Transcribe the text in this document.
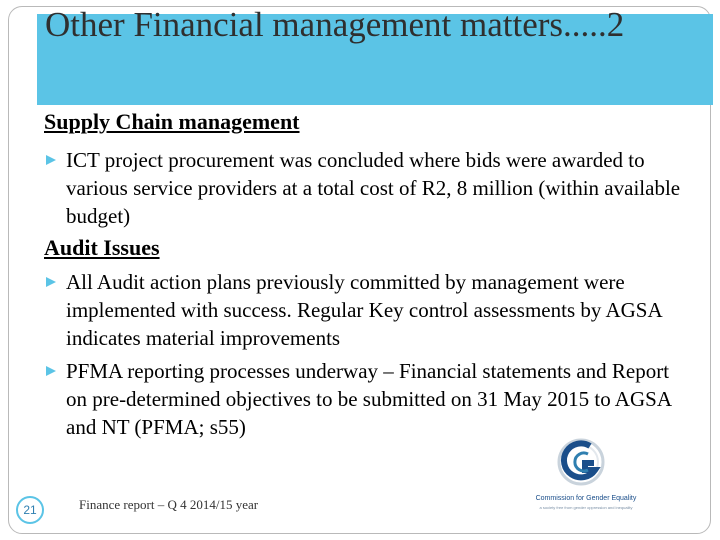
Other Financial management matters.....2
Supply Chain management
ICT project procurement was concluded where bids were awarded to various service providers at a total cost of R2, 8 million (within available budget)
Audit Issues
All Audit action plans previously committed by management were implemented with success. Regular Key control assessments by AGSA indicates material improvements
PFMA reporting processes underway – Financial statements and Report on pre-determined objectives to be submitted on 31 May 2015 to AGSA and NT (PFMA; s55)
Commission for Gender Equality
a society free from gender oppression and inequality
21	Finance report – Q 4 2014/15 year
